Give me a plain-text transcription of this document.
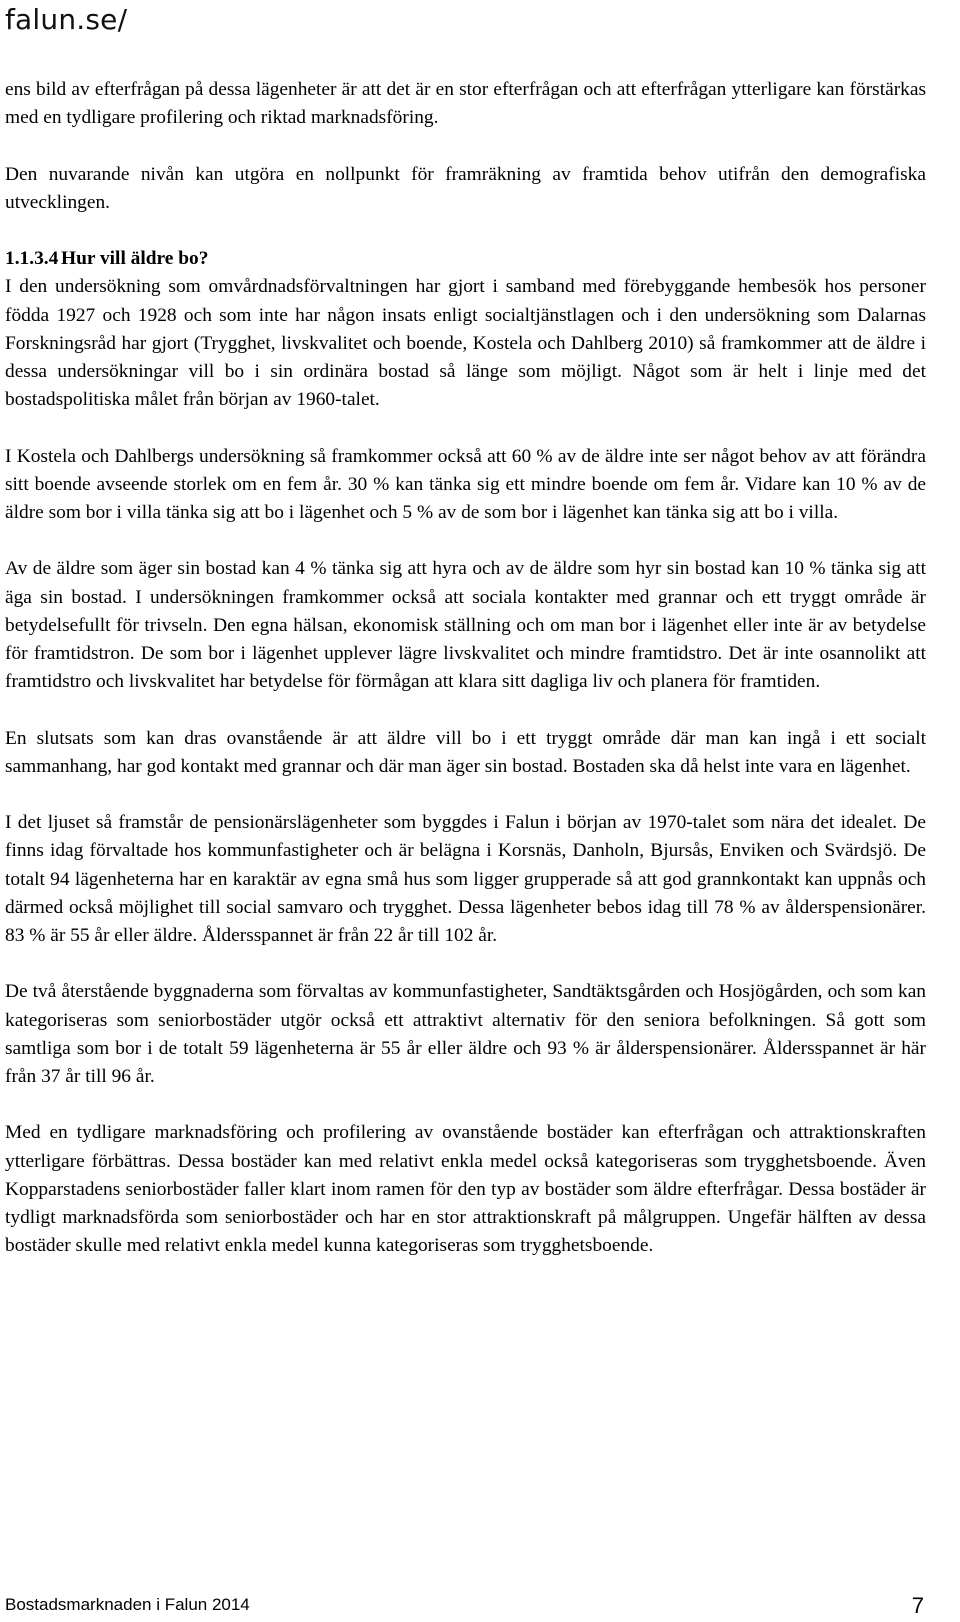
falun.se/

ens bild av efterfrågan på dessa lägenheter är att det är en stor efterfrågan och att efterfrågan ytterligare kan förstärkas med en tydligare profilering och riktad marknadsföring.

Den nuvarande nivån kan utgöra en nollpunkt för framräkning av framtida behov utifrån den demografiska utvecklingen.

1.1.3.4 Hur vill äldre bo?

I den undersökning som omvårdnadsförvaltningen har gjort i samband med förebyggande hembesök hos personer födda 1927 och 1928 och som inte har någon insats enligt socialtjänstlagen och i den undersökning som Dalarnas Forskningsråd har gjort (Trygghet, livskvalitet och boende, Kostela och Dahlberg 2010) så framkommer att de äldre i dessa undersökningar vill bo i sin ordinära bostad så länge som möjligt. Något som är helt i linje med det bostadspolitiska målet från början av 1960-talet.

I Kostela och Dahlbergs undersökning så framkommer också att 60 % av de äldre inte ser något behov av att förändra sitt boende avseende storlek om en fem år. 30 % kan tänka sig ett mindre boende om fem år. Vidare kan 10 % av de äldre som bor i villa tänka sig att bo i lägenhet och 5 % av de som bor i lägenhet kan tänka sig att bo i villa.

Av de äldre som äger sin bostad kan 4 % tänka sig att hyra och av de äldre som hyr sin bostad kan 10 % tänka sig att äga sin bostad. I undersökningen framkommer också att sociala kontakter med grannar och ett tryggt område är betydelsefullt för trivseln. Den egna hälsan, ekonomisk ställning och om man bor i lägenhet eller inte är av betydelse för framtidstron. De som bor i lägenhet upplever lägre livskvalitet och mindre framtidstro. Det är inte osannolikt att framtidstro och livskvalitet har betydelse för förmågan att klara sitt dagliga liv och planera för framtiden.

En slutsats som kan dras ovanstående är att äldre vill bo i ett tryggt område där man kan ingå i ett socialt sammanhang, har god kontakt med grannar och där man äger sin bostad. Bostaden ska då helst inte vara en lägenhet.

I det ljuset så framstår de pensionärslägenheter som byggdes i Falun i början av 1970-talet som nära det idealet. De finns idag förvaltade hos kommunfastigheter och är belägna i Korsnäs, Danholn, Bjursås, Enviken och Svärdsjö. De totalt 94 lägenheterna har en karaktär av egna små hus som ligger grupperade så att god grannkontakt kan uppnås och därmed också möjlighet till social samvaro och trygghet. Dessa lägenheter bebos idag till 78 % av ålderspensionärer. 83 % är 55 år eller äldre. Åldersspannet är från 22 år till 102 år.

De två återstående byggnaderna som förvaltas av kommunfastigheter, Sandtäktsgården och Hosjögården, och som kan kategoriseras som seniorbostäder utgör också ett attraktivt alternativ för den seniora befolkningen. Så gott som samtliga som bor i de totalt 59 lägenheterna är 55 år eller äldre och 93 % är ålderspensionärer. Åldersspannet är här från 37 år till 96 år.

Med en tydligare marknadsföring och profilering av ovanstående bostäder kan efterfrågan och attraktionskraften ytterligare förbättras. Dessa bostäder kan med relativt enkla medel också kategoriseras som trygghetsboende. Även Kopparstadens seniorbostäder faller klart inom ramen för den typ av bostäder som äldre efterfrågar. Dessa bostäder är tydligt marknadsförda som seniorbostäder och har en stor attraktionskraft på målgruppen. Ungefär hälften av dessa bostäder skulle med relativt enkla medel kunna kategoriseras som trygghetsboende.

Bostadsmarknaden i Falun 2014	7
